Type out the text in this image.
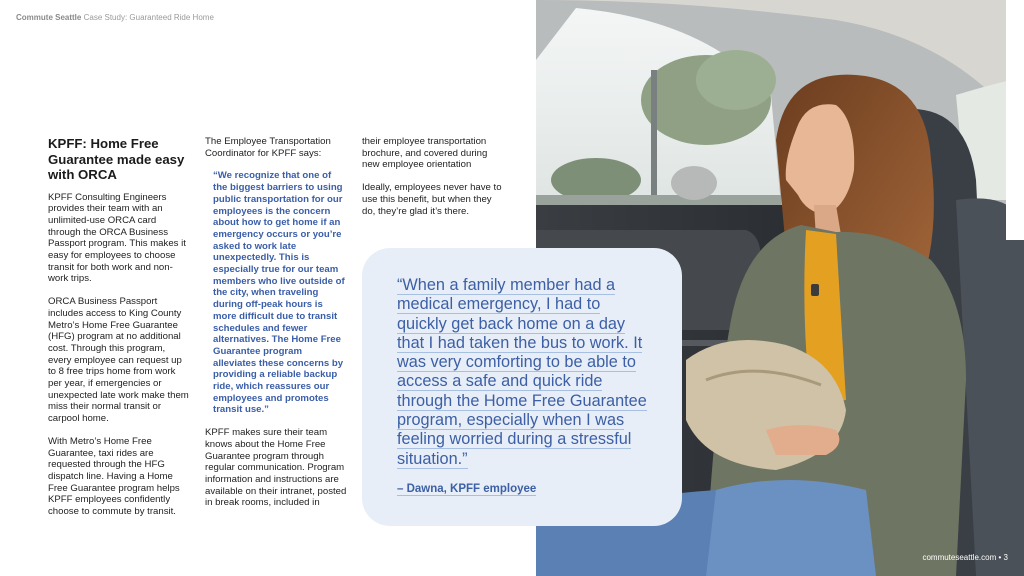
Commute Seattle Case Study: Guaranteed Ride Home
KPFF: Home Free Guarantee made easy with ORCA

KPFF Consulting Engineers provides their team with an unlimited-use ORCA card through the ORCA Business Passport program. This makes it easy for employees to choose transit for both work and non-work trips.

ORCA Business Passport includes access to King County Metro’s Home Free Guarantee (HFG) program at no additional cost. Through this program, every employee can request up to 8 free trips home from work per year, if emergencies or unexpected late work make them miss their normal transit or carpool home.

With Metro’s Home Free Guarantee, taxi rides are requested through the HFG dispatch line. Having a Home Free Guarantee program helps KPFF employees confidently choose to commute by transit.

The Employee Transportation Coordinator for KPFF says:

“We recognize that one of the biggest barriers to using public transportation for our employees is the concern about how to get home if an emergency occurs or you’re asked to work late unexpectedly. This is especially true for our team members who live outside of the city, when traveling during off-peak hours is more difficult due to transit schedules and fewer alternatives. The Home Free Guarantee program alleviates these concerns by providing a reliable backup ride, which reassures our employees and promotes transit use.”

KPFF makes sure their team knows about the Home Free Guarantee program through regular communication. Program information and instructions are available on their intranet, posted in break rooms, included in

their employee transportation brochure, and covered during new employee orientation

Ideally, employees never have to use this benefit, but when they do, they’re glad it’s there.

“When a family member had a medical emergency, I had to quickly get back home on a day that I had taken the bus to work. It was very comforting to be able to access a safe and quick ride through the Home Free Guarantee program, especially when I was feeling worried during a stressful situation.”

– Dawna, KPFF employee
commuteseattle.com • 3
